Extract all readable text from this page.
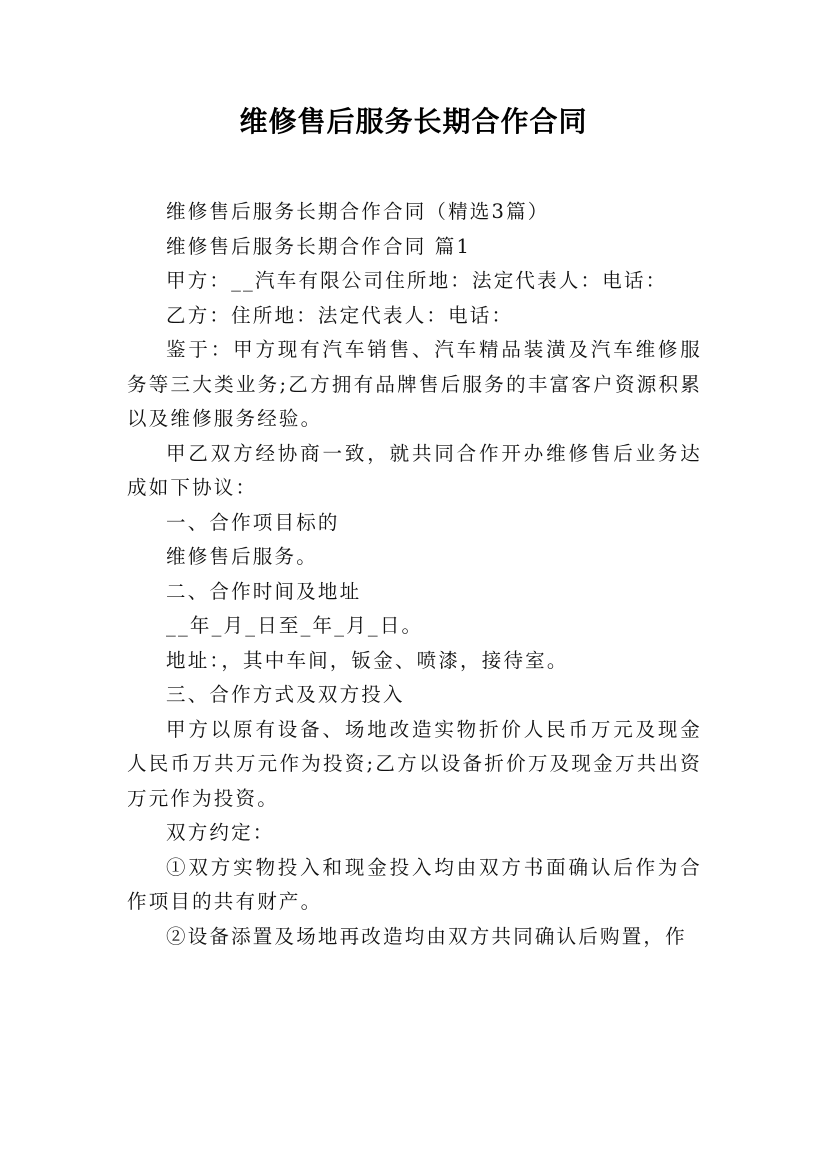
维修售后服务长期合作合同

维修售后服务长期合作合同（精选3篇）

维修售后服务长期合作合同 篇1

甲方：__汽车有限公司住所地：法定代表人：电话：

乙方：住所地：法定代表人：电话：

鉴于：甲方现有汽车销售、汽车精品装潢及汽车维修服务等三大类业务;乙方拥有品牌售后服务的丰富客户资源积累以及维修服务经验。

甲乙双方经协商一致，就共同合作开办维修售后业务达成如下协议：

一、合作项目标的

维修售后服务。

二、合作时间及地址

__年_月_日至_年_月_日。

地址：，其中车间，钣金、喷漆，接待室。

三、合作方式及双方投入

甲方以原有设备、场地改造实物折价人民币万元及现金人民币万共万元作为投资;乙方以设备折价万及现金万共出资万元作为投资。

双方约定：

①双方实物投入和现金投入均由双方书面确认后作为合作项目的共有财产。

②设备添置及场地再改造均由双方共同确认后购置，作
